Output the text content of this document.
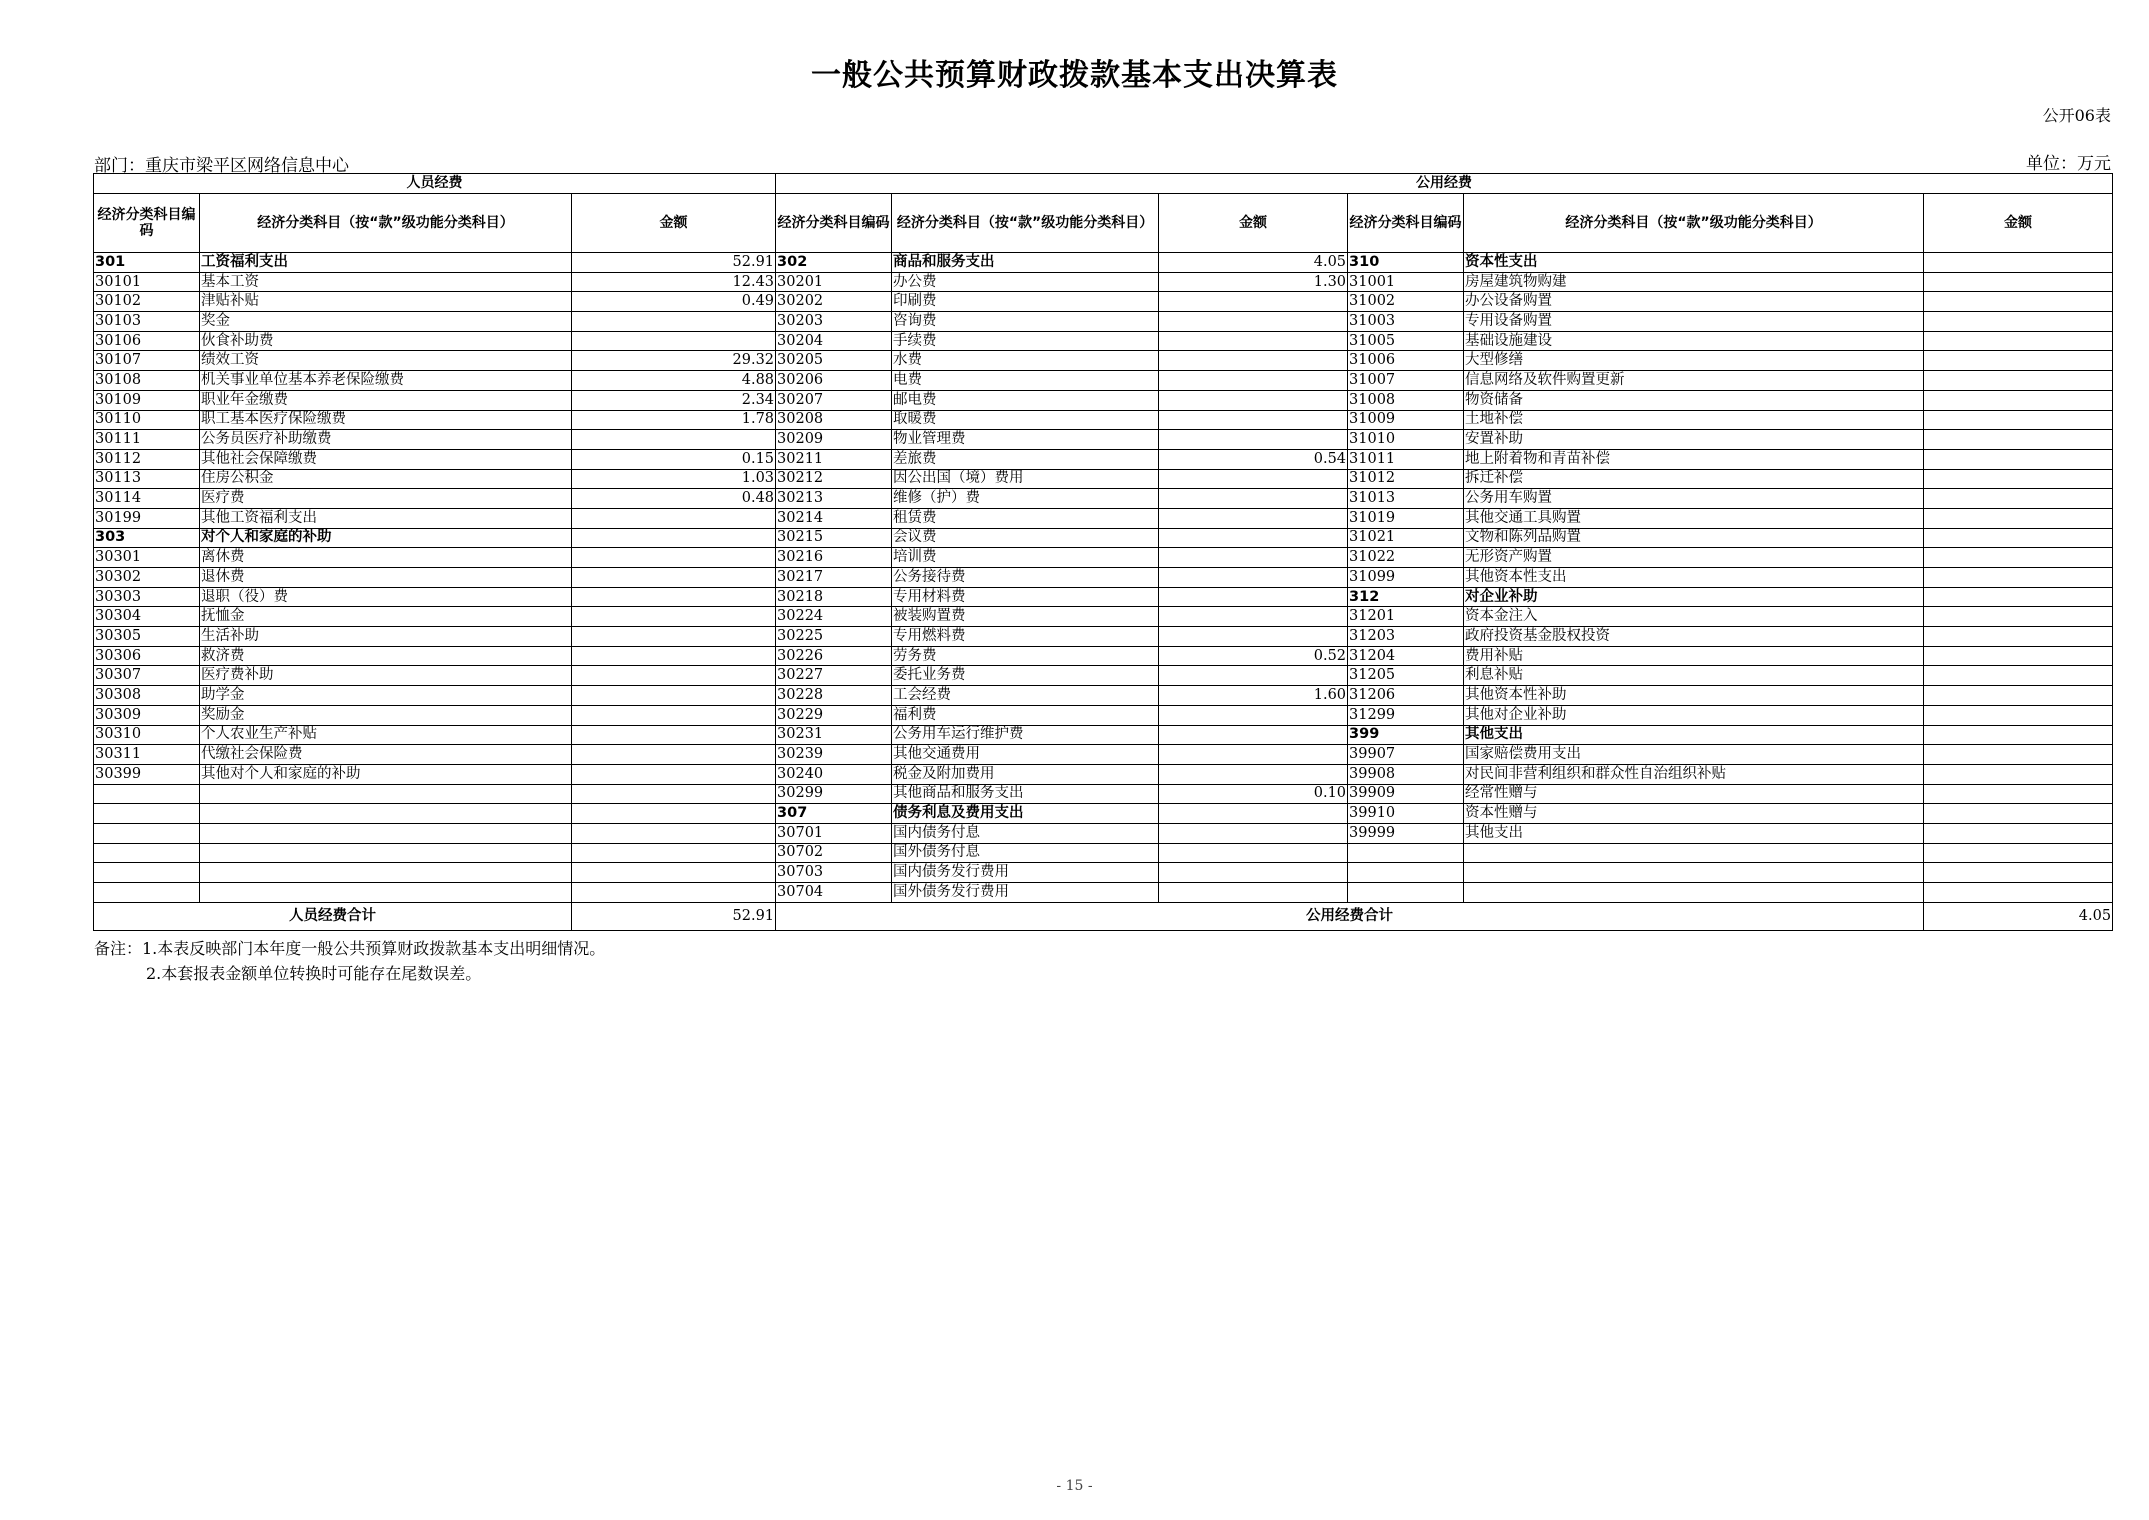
一般公共预算财政拨款基本支出决算表
公开06表
部门：重庆市梁平区网络信息中心	单位：万元
人员经费			公用经费					
经济分类科目编码	经济分类科目（按“款”级功能分类科目）	金额	经济分类科目编码	经济分类科目（按“款”级功能分类科目）	金额	经济分类科目编码	经济分类科目（按“款”级功能分类科目）	金额
301	工资福利支出	52.91	302	商品和服务支出	4.05	310	资本性支出	
30101	基本工资	12.43	30201	办公费	1.30	31001	房屋建筑物购建	
30102	津贴补贴	0.49	30202	印刷费		31002	办公设备购置	
30103	奖金		30203	咨询费		31003	专用设备购置	
30106	伙食补助费		30204	手续费		31005	基础设施建设	
30107	绩效工资	29.32	30205	水费		31006	大型修缮	
30108	机关事业单位基本养老保险缴费	4.88	30206	电费		31007	信息网络及软件购置更新	
30109	职业年金缴费	2.34	30207	邮电费		31008	物资储备	
30110	职工基本医疗保险缴费	1.78	30208	取暖费		31009	土地补偿	
30111	公务员医疗补助缴费		30209	物业管理费		31010	安置补助	
30112	其他社会保障缴费	0.15	30211	差旅费	0.54	31011	地上附着物和青苗补偿	
30113	住房公积金	1.03	30212	因公出国（境）费用		31012	拆迁补偿	
30114	医疗费	0.48	30213	维修（护）费		31013	公务用车购置	
30199	其他工资福利支出		30214	租赁费		31019	其他交通工具购置	
303	对个人和家庭的补助		30215	会议费		31021	文物和陈列品购置	
30301	离休费		30216	培训费		31022	无形资产购置	
30302	退休费		30217	公务接待费		31099	其他资本性支出	
30303	退职（役）费		30218	专用材料费		312	对企业补助	
30304	抚恤金		30224	被装购置费		31201	资本金注入	
30305	生活补助		30225	专用燃料费		31203	政府投资基金股权投资	
30306	救济费		30226	劳务费	0.52	31204	费用补贴	
30307	医疗费补助		30227	委托业务费		31205	利息补贴	
30308	助学金		30228	工会经费	1.60	31206	其他资本性补助	
30309	奖励金		30229	福利费		31299	其他对企业补助	
30310	个人农业生产补贴		30231	公务用车运行维护费		399	其他支出	
30311	代缴社会保险费		30239	其他交通费用		39907	国家赔偿费用支出	
30399	其他对个人和家庭的补助		30240	税金及附加费用		39908	对民间非营利组织和群众性自治组织补贴	
			30299	其他商品和服务支出	0.10	39909	经常性赠与	
			307	债务利息及费用支出		39910	资本性赠与	
			30701	国内债务付息		39999	其他支出	
			30702	国外债务付息				
			30703	国内债务发行费用				
			30704	国外债务发行费用				
人员经费合计		52.91	公用经费合计					4.05
备注：1.本表反映部门本年度一般公共预算财政拨款基本支出明细情况。
2.本套报表金额单位转换时可能存在尾数误差。
- 15 -
